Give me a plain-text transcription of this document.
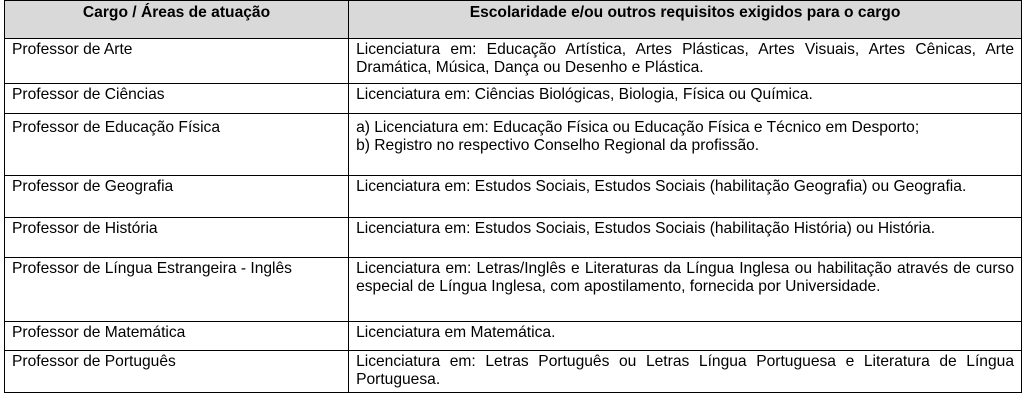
Cargo / Áreas de atuação	Escolaridade e/ou outros requisitos exigidos para o cargo
Professor de Arte	Licenciatura em: Educação Artística, Artes Plásticas, Artes Visuais, Artes Cênicas, Arte Dramática, Música, Dança ou Desenho e Plástica.

Professor de Ciências	Licenciatura em: Ciências Biológicas, Biologia, Física ou Química.

Professor de Educação Física	a) Licenciatura em: Educação Física ou Educação Física e Técnico em Desporto;
b) Registro no respectivo Conselho Regional da profissão.

Professor de Geografia	Licenciatura em: Estudos Sociais, Estudos Sociais (habilitação Geografia) ou Geografia.

Professor de História	Licenciatura em: Estudos Sociais, Estudos Sociais (habilitação História) ou História.

Professor de Língua Estrangeira - Inglês	Licenciatura em: Letras/Inglês e Literaturas da Língua Inglesa ou habilitação através de curso especial de Língua Inglesa, com apostilamento, fornecida por Universidade.

Professor de Matemática	Licenciatura em Matemática.

Professor de Português	Licenciatura em: Letras Português ou Letras Língua Portuguesa e Literatura de Língua Portuguesa.
